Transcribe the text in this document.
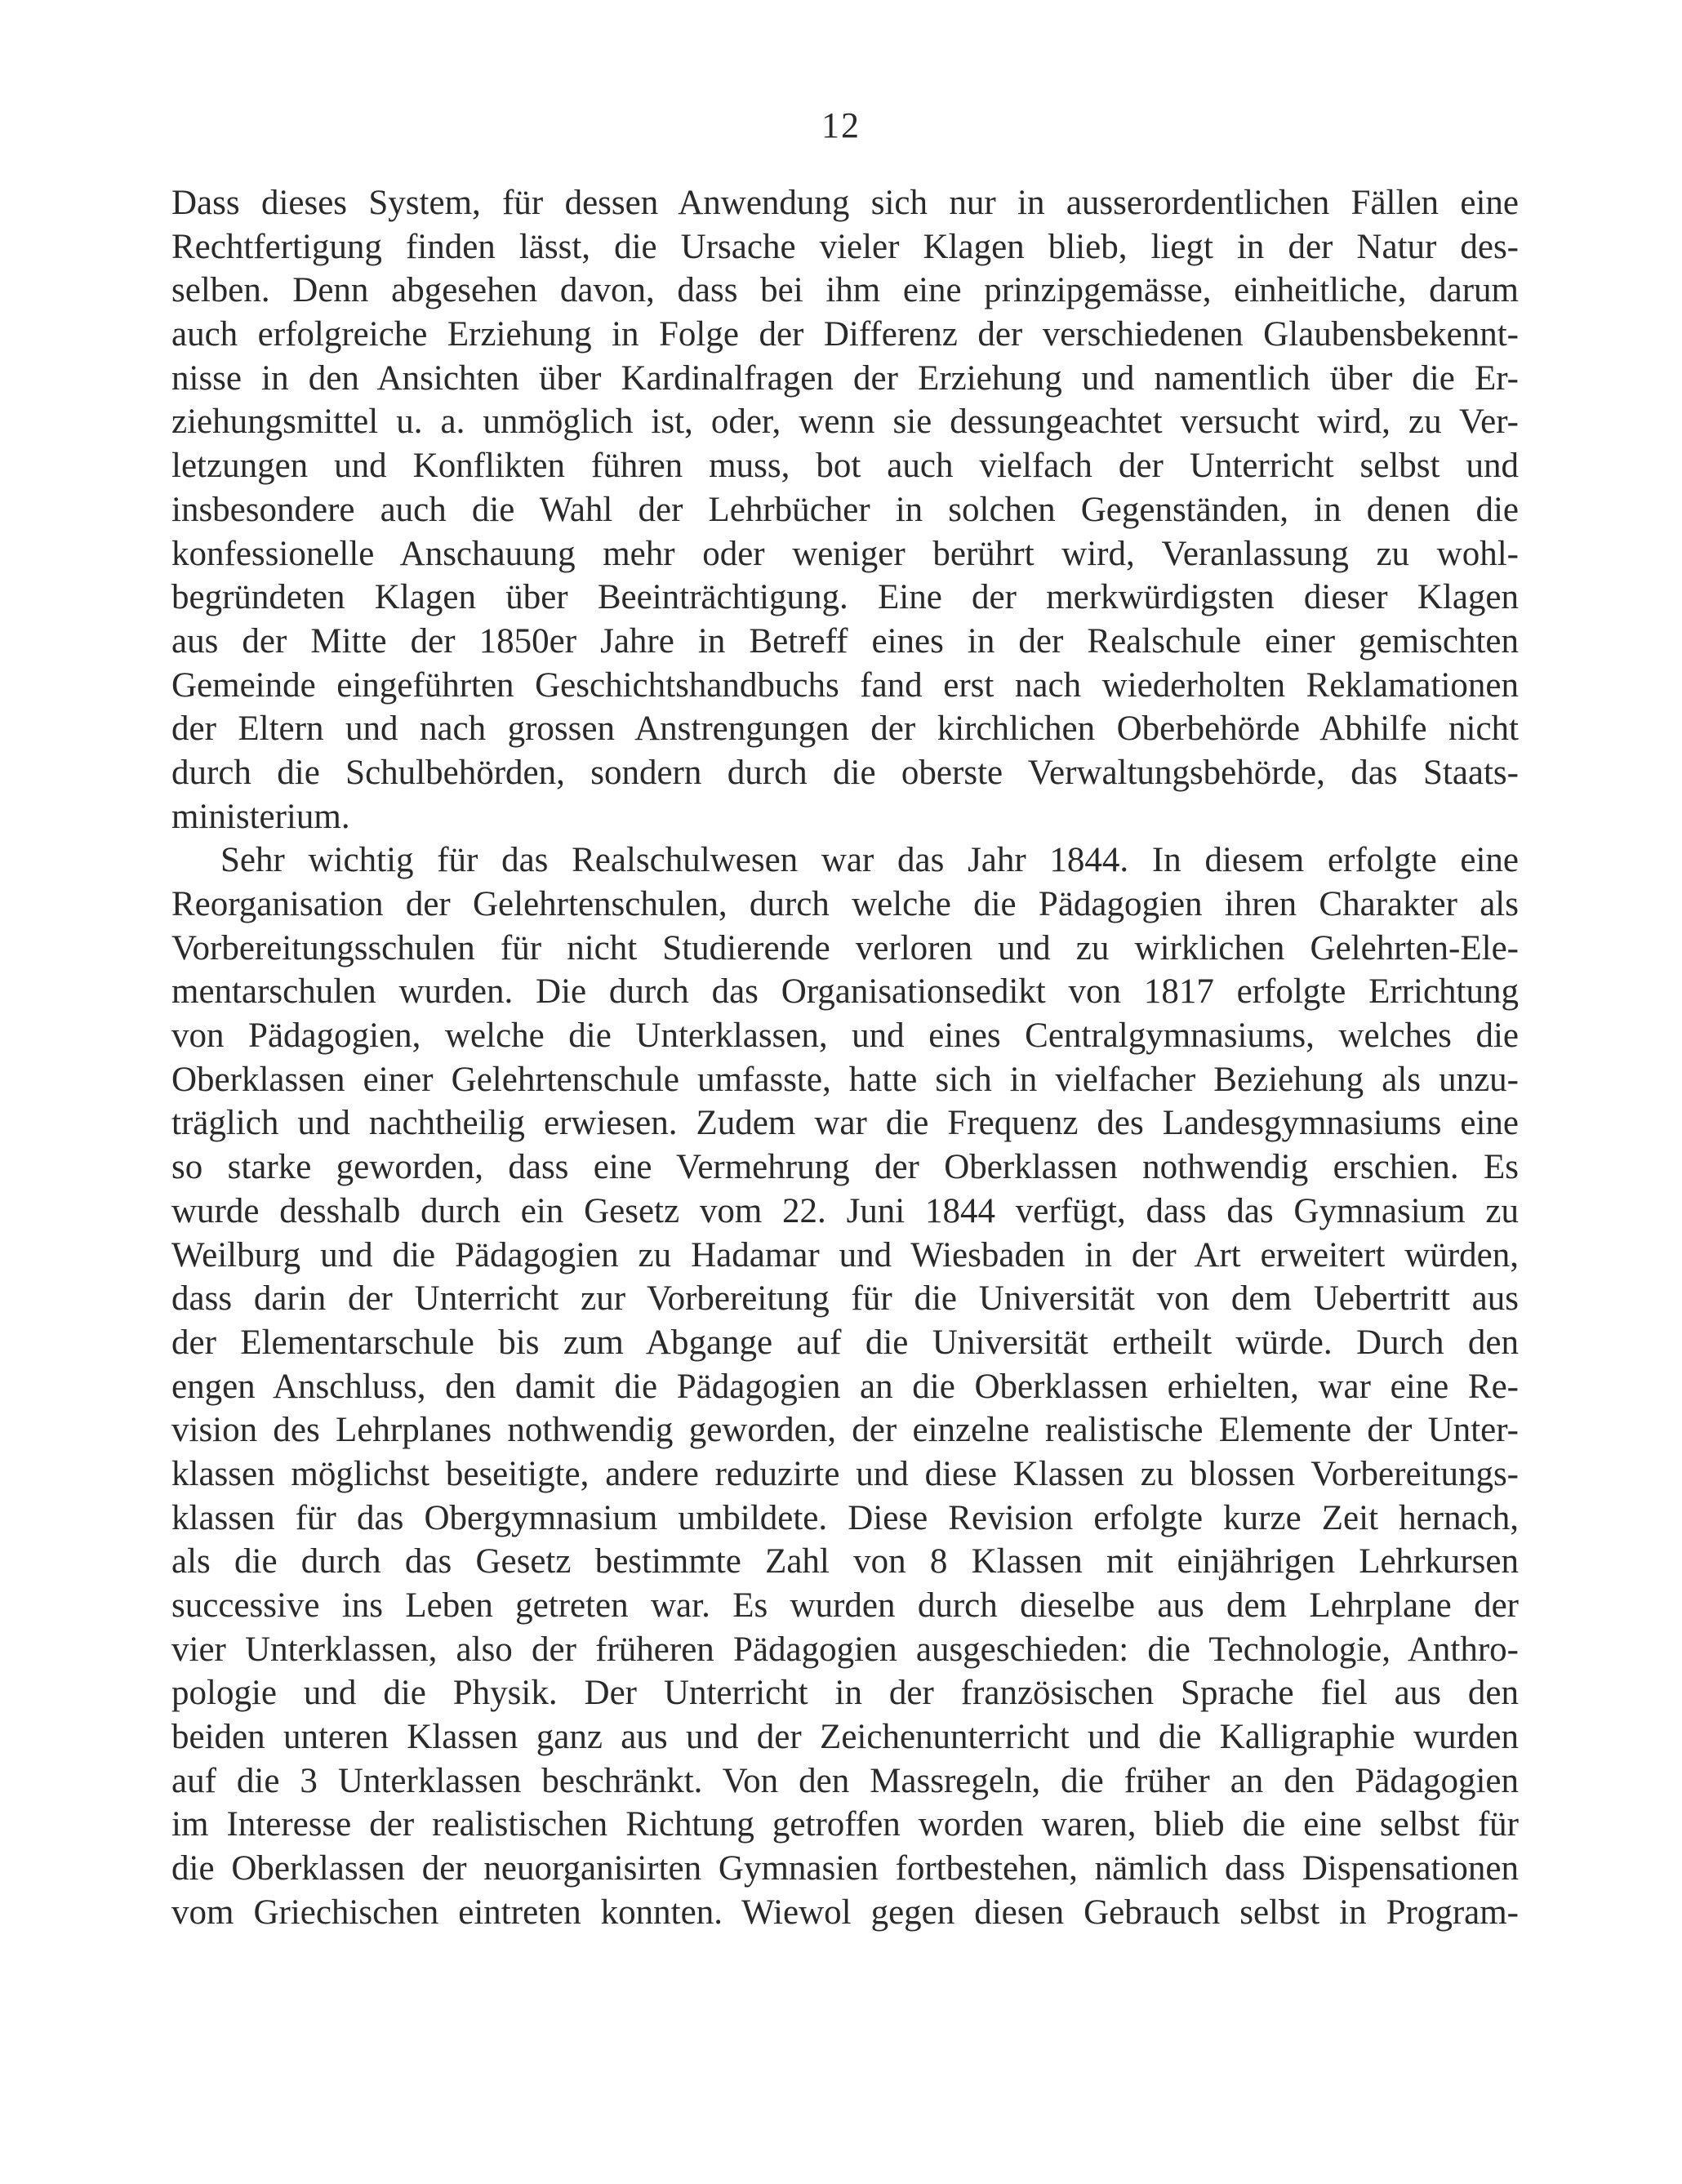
12
Dass dieses System, für dessen Anwendung sich nur in ausserordentlichen Fällen eine
Rechtfertigung finden lässt, die Ursache vieler Klagen blieb, liegt in der Natur des-
selben. Denn abgesehen davon, dass bei ihm eine prinzipgemässe, einheitliche, darum
auch erfolgreiche Erziehung in Folge der Differenz der verschiedenen Glaubensbekennt-
nisse in den Ansichten über Kardinalfragen der Erziehung und namentlich über die Er-
ziehungsmittel u. a. unmöglich ist, oder, wenn sie dessungeachtet versucht wird, zu Ver-
letzungen und Konflikten führen muss, bot auch vielfach der Unterricht selbst und
insbesondere auch die Wahl der Lehrbücher in solchen Gegenständen, in denen die
konfessionelle Anschauung mehr oder weniger berührt wird, Veranlassung zu wohl-
begründeten Klagen über Beeinträchtigung. Eine der merkwürdigsten dieser Klagen
aus der Mitte der 1850er Jahre in Betreff eines in der Realschule einer gemischten
Gemeinde eingeführten Geschichtshandbuchs fand erst nach wiederholten Reklamationen
der Eltern und nach grossen Anstrengungen der kirchlichen Oberbehörde Abhilfe nicht
durch die Schulbehörden, sondern durch die oberste Verwaltungsbehörde, das Staats-
ministerium.
Sehr wichtig für das Realschulwesen war das Jahr 1844. In diesem erfolgte eine
Reorganisation der Gelehrtenschulen, durch welche die Pädagogien ihren Charakter als
Vorbereitungsschulen für nicht Studierende verloren und zu wirklichen Gelehrten-Ele-
mentarschulen wurden. Die durch das Organisationsedikt von 1817 erfolgte Errichtung
von Pädagogien, welche die Unterklassen, und eines Centralgymnasiums, welches die
Oberklassen einer Gelehrtenschule umfasste, hatte sich in vielfacher Beziehung als unzu-
träglich und nachtheilig erwiesen. Zudem war die Frequenz des Landesgymnasiums eine
so starke geworden, dass eine Vermehrung der Oberklassen nothwendig erschien. Es
wurde desshalb durch ein Gesetz vom 22. Juni 1844 verfügt, dass das Gymnasium zu
Weilburg und die Pädagogien zu Hadamar und Wiesbaden in der Art erweitert würden,
dass darin der Unterricht zur Vorbereitung für die Universität von dem Uebertritt aus
der Elementarschule bis zum Abgange auf die Universität ertheilt würde. Durch den
engen Anschluss, den damit die Pädagogien an die Oberklassen erhielten, war eine Re-
vision des Lehrplanes nothwendig geworden, der einzelne realistische Elemente der Unter-
klassen möglichst beseitigte, andere reduzirte und diese Klassen zu blossen Vorbereitungs-
klassen für das Obergymnasium umbildete. Diese Revision erfolgte kurze Zeit hernach,
als die durch das Gesetz bestimmte Zahl von 8 Klassen mit einjährigen Lehrkursen
successive ins Leben getreten war. Es wurden durch dieselbe aus dem Lehrplane der
vier Unterklassen, also der früheren Pädagogien ausgeschieden: die Technologie, Anthro-
pologie und die Physik. Der Unterricht in der französischen Sprache fiel aus den
beiden unteren Klassen ganz aus und der Zeichenunterricht und die Kalligraphie wurden
auf die 3 Unterklassen beschränkt. Von den Massregeln, die früher an den Pädagogien
im Interesse der realistischen Richtung getroffen worden waren, blieb die eine selbst für
die Oberklassen der neuorganisirten Gymnasien fortbestehen, nämlich dass Dispensationen
vom Griechischen eintreten konnten. Wiewol gegen diesen Gebrauch selbst in Program-
